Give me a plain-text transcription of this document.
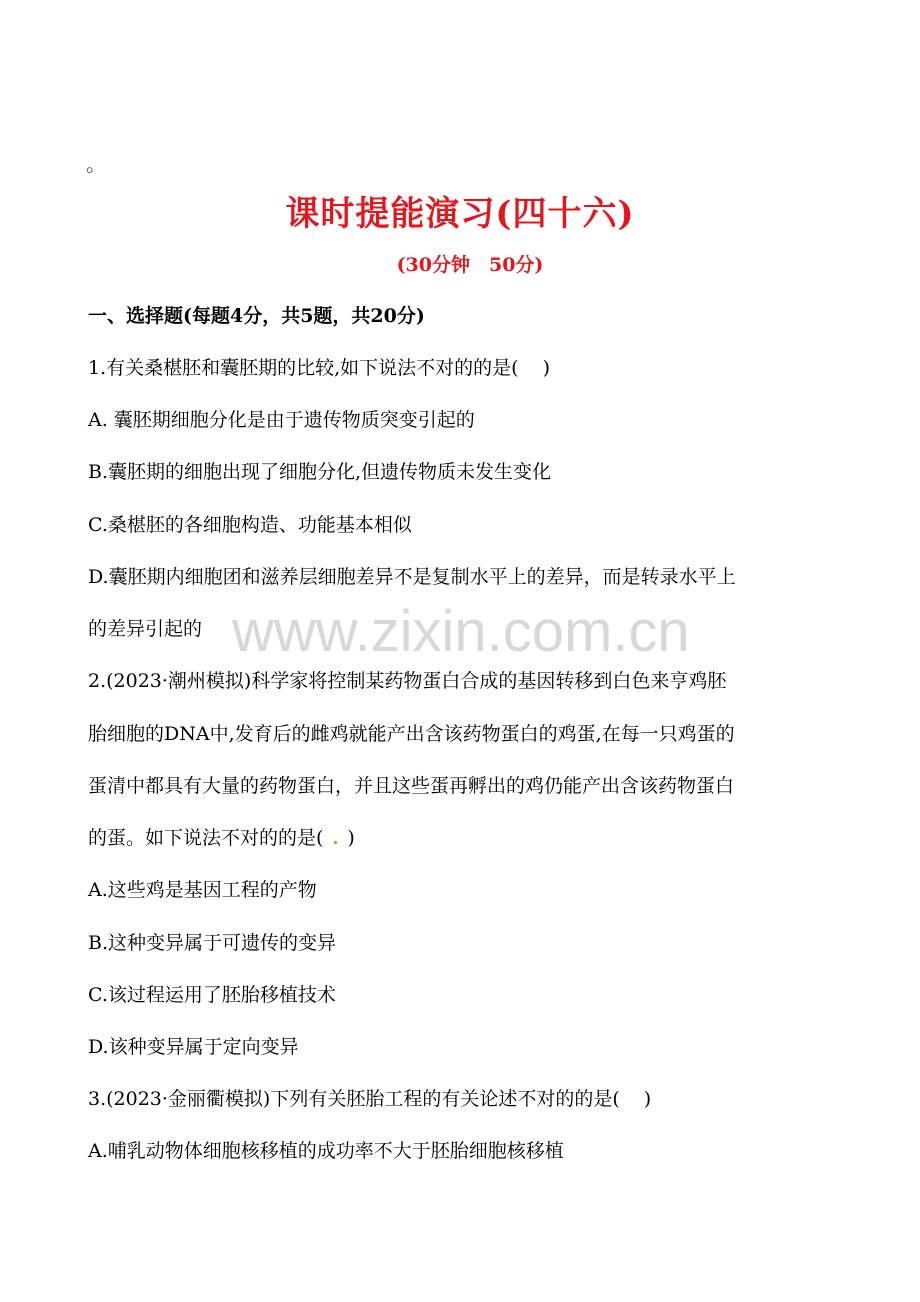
www.zixin.com.cn
。
课时提能演习(四十六)
(30分钟　50分)
一、选择题(每题4分，共5题，共20分)
1.有关桑椹胚和囊胚期的比较,如下说法不对的的是( )
A. 囊胚期细胞分化是由于遗传物质突变引起的
B.囊胚期的细胞出现了细胞分化,但遗传物质未发生变化
C.桑椹胚的各细胞构造、功能基本相似
D.囊胚期内细胞团和滋养层细胞差异不是复制水平上的差异，而是转录水平上
的差异引起的
2.(2023·潮州模拟)科学家将控制某药物蛋白合成的基因转移到白色来亨鸡胚
胎细胞的DNA中,发育后的雌鸡就能产出含该药物蛋白的鸡蛋,在每一只鸡蛋的
蛋清中都具有大量的药物蛋白，并且这些蛋再孵出的鸡仍能产出含该药物蛋白
的蛋。如下说法不对的的是( . )
A.这些鸡是基因工程的产物
B.这种变异属于可遗传的变异
C.该过程运用了胚胎移植技术
D.该种变异属于定向变异
3.(2023·金丽衢模拟)下列有关胚胎工程的有关论述不对的的是( )
A.哺乳动物体细胞核移植的成功率不大于胚胎细胞核移植
